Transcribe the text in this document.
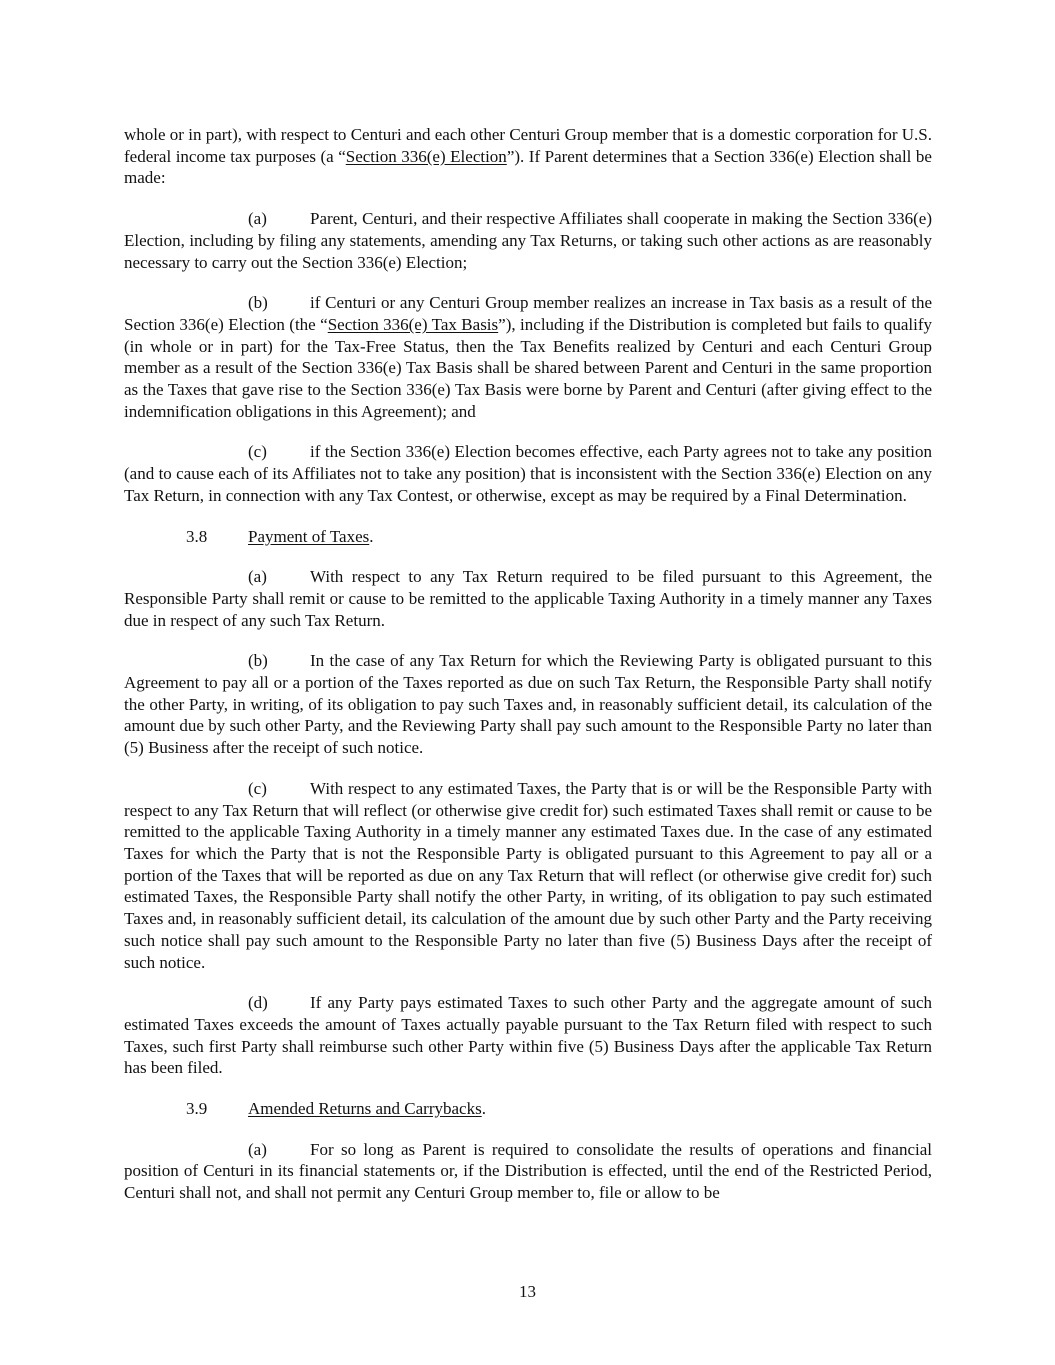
whole or in part), with respect to Centuri and each other Centuri Group member that is a domestic corporation for U.S. federal income tax purposes (a “Section 336(e) Election”). If Parent determines that a Section 336(e) Election shall be made:

(a)	Parent, Centuri, and their respective Affiliates shall cooperate in making the Section 336(e) Election, including by filing any statements, amending any Tax Returns, or taking such other actions as are reasonably necessary to carry out the Section 336(e) Election;

(b) if Centuri or any Centuri Group member realizes an increase in Tax basis as a result of the Section 336(e) Election (the “Section 336(e) Tax Basis”), including if the Distribution is completed but fails to qualify (in whole or in part) for the Tax-Free Status, then the Tax Benefits realized by Centuri and each Centuri Group member as a result of the Section 336(e) Tax Basis shall be shared between Parent and Centuri in the same proportion as the Taxes that gave rise to the Section 336(e) Tax Basis were borne by Parent and Centuri (after giving effect to the indemnification obligations in this Agreement); and

(c)	if the Section 336(e) Election becomes effective, each Party agrees not to take any position (and to cause each of its Affiliates not to take any position) that is inconsistent with the Section 336(e) Election on any Tax Return, in connection with any Tax Contest, or otherwise, except as may be required by a Final Determination.

3.8 Payment of Taxes.

(a)	With respect to any Tax Return required to be filed pursuant to this Agreement, the Responsible Party shall remit or cause to be remitted to the applicable Taxing Authority in a timely manner any Taxes due in respect of any such Tax Return.

(b) In the case of any Tax Return for which the Reviewing Party is obligated pursuant to this Agreement to pay all or a portion of the Taxes reported as due on such Tax Return, the Responsible Party shall notify the other Party, in writing, of its obligation to pay such Taxes and, in reasonably sufficient detail, its calculation of the amount due by such other Party, and the Reviewing Party shall pay such amount to the Responsible Party no later than (5) Business after the receipt of such notice.

(c)	With respect to any estimated Taxes, the Party that is or will be the Responsible Party with respect to any Tax Return that will reflect (or otherwise give credit for) such estimated Taxes shall remit or cause to be remitted to the applicable Taxing Authority in a timely manner any estimated Taxes due. In the case of any estimated Taxes for which the Party that is not the Responsible Party is obligated pursuant to this Agreement to pay all or a portion of the Taxes that will be reported as due on any Tax Return that will reflect (or otherwise give credit for) such estimated Taxes, the Responsible Party shall notify the other Party, in writing, of its obligation to pay such estimated Taxes and, in reasonably sufficient detail, its calculation of the amount due by such other Party and the Party receiving such notice shall pay such amount to the Responsible Party no later than five (5) Business Days after the receipt of such notice.

(d) If any Party pays estimated Taxes to such other Party and the aggregate amount of such estimated Taxes exceeds the amount of Taxes actually payable pursuant to the Tax Return filed with respect to such Taxes, such first Party shall reimburse such other Party within five (5) Business Days after the applicable Tax Return has been filed.

3.9 Amended Returns and Carrybacks.

(a)	For so long as Parent is required to consolidate the results of operations and financial position of Centuri in its financial statements or, if the Distribution is effected, until the end of the Restricted Period, Centuri shall not, and shall not permit any Centuri Group member to, file or allow to be

13
